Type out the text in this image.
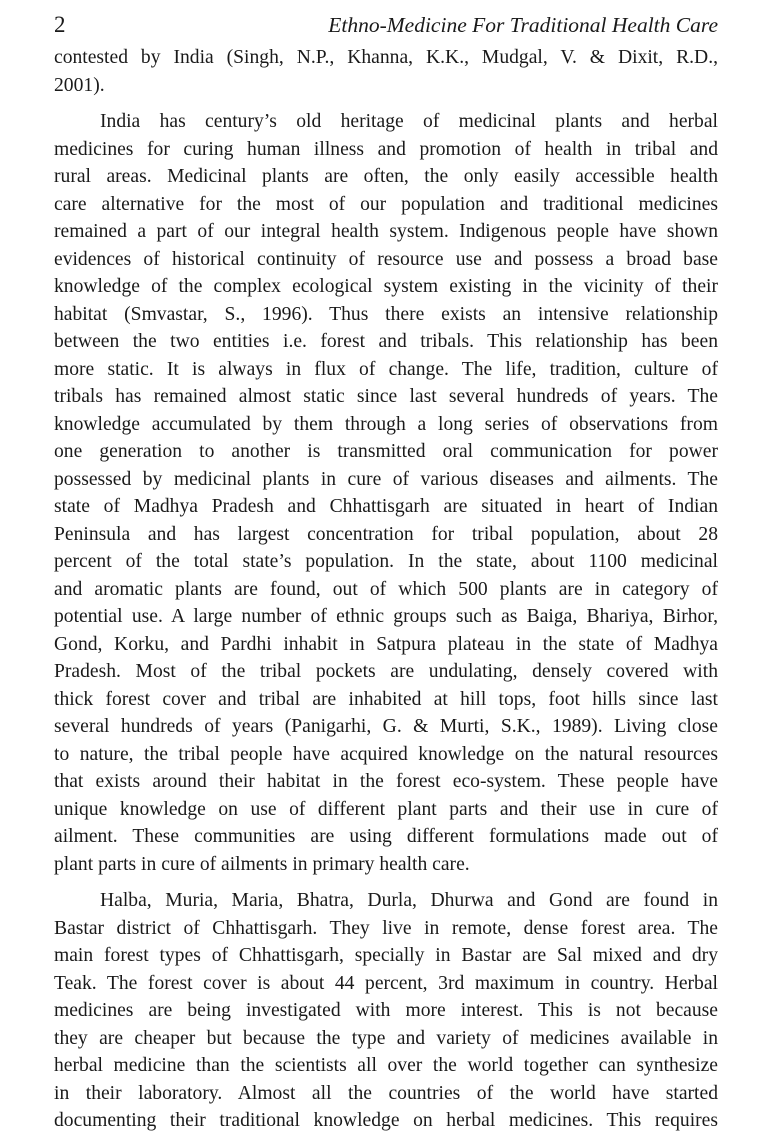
2	Ethno-Medicine For Traditional Health Care
contested by India (Singh, N.P., Khanna, K.K., Mudgal, V. & Dixit, R.D.,
2001).
India has century’s old heritage of medicinal plants and herbal
medicines for curing human illness and promotion of health in tribal and
rural areas. Medicinal plants are often, the only easily accessible health
care alternative for the most of our population and traditional medicines
remained a part of our integral health system. Indigenous people have shown
evidences of historical continuity of resource use and possess a broad base
knowledge of the complex ecological system existing in the vicinity of their
habitat (Smvastar, S., 1996). Thus there exists an intensive relationship
between the two entities i.e. forest and tribals. This relationship has been
more static. It is always in flux of change. The life, tradition, culture of
tribals has remained almost static since last several hundreds of years. The
knowledge accumulated by them through a long series of observations from
one generation to another is transmitted oral communication for power
possessed by medicinal plants in cure of various diseases and ailments. The
state of Madhya Pradesh and Chhattisgarh are situated in heart of Indian
Peninsula and has largest concentration for tribal population, about 28
percent of the total state’s population. In the state, about 1100 medicinal
and aromatic plants are found, out of which 500 plants are in category of
potential use. A large number of ethnic groups such as Baiga, Bhariya, Birhor,
Gond, Korku, and Pardhi inhabit in Satpura plateau in the state of Madhya
Pradesh. Most of the tribal pockets are undulating, densely covered with
thick forest cover and tribal are inhabited at hill tops, foot hills since last
several hundreds of years (Panigarhi, G. & Murti, S.K., 1989). Living close
to nature, the tribal people have acquired knowledge on the natural resources
that exists around their habitat in the forest eco-system. These people have
unique knowledge on use of different plant parts and their use in cure of
ailment. These communities are using different formulations made out of
plant parts in cure of ailments in primary health care.
Halba, Muria, Maria, Bhatra, Durla, Dhurwa and Gond are found in
Bastar district of Chhattisgarh. They live in remote, dense forest area. The
main forest types of Chhattisgarh, specially in Bastar are Sal mixed and dry
Teak. The forest cover is about 44 percent, 3rd maximum in country. Herbal
medicines are being investigated with more interest. This is not because
they are cheaper but because the type and variety of medicines available in
herbal medicine than the scientists all over the world together can synthesize
in their laboratory. Almost all the countries of the world have started
documenting their traditional knowledge on herbal medicines. This requires
